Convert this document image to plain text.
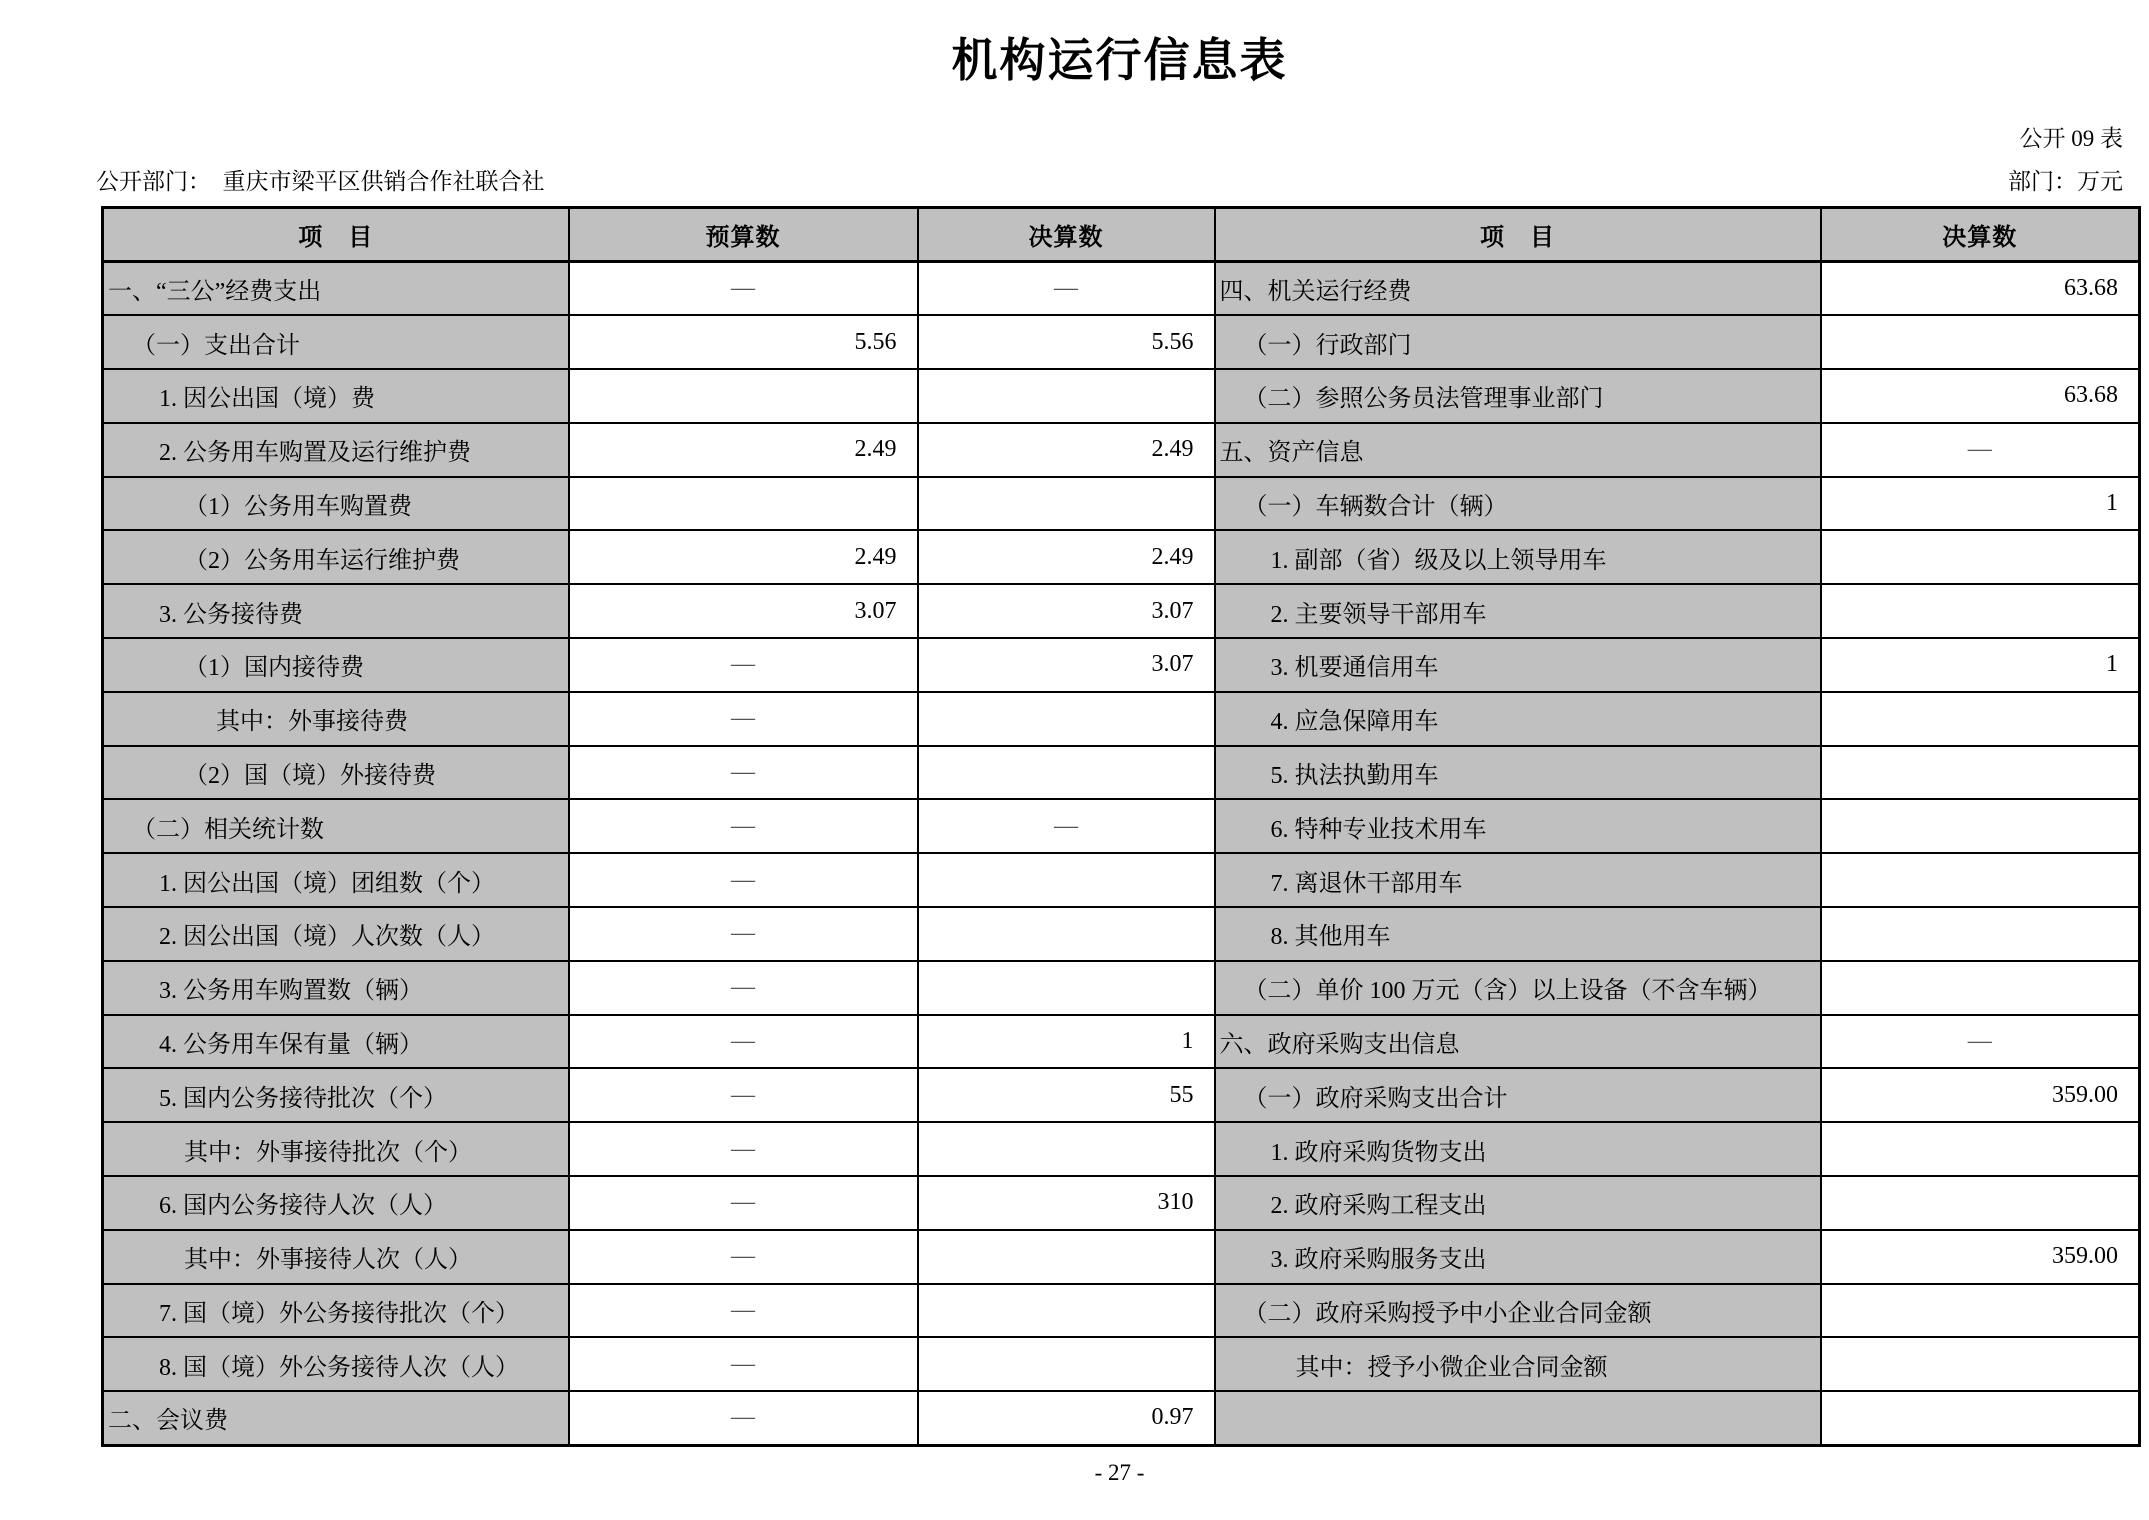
机构运行信息表
公开 09 表
公开部门：　重庆市梁平区供销合作社联合社	部门：万元
项　目	预算数	决算数	项　目	决算数
一、“三公”经费支出	—	—	四、机关运行经费	63.68
（一）支出合计	5.56	5.56	（一）行政部门	
1. 因公出国（境）费			（二）参照公务员法管理事业部门	63.68
2. 公务用车购置及运行维护费	2.49	2.49	五、资产信息	—
（1）公务用车购置费			（一）车辆数合计（辆）	1
（2）公务用车运行维护费	2.49	2.49	1. 副部（省）级及以上领导用车	
3. 公务接待费	3.07	3.07	2. 主要领导干部用车	
（1）国内接待费	—	3.07	3. 机要通信用车	1
其中：外事接待费	—		4. 应急保障用车	
（2）国（境）外接待费	—		5. 执法执勤用车	
（二）相关统计数	—	—	6. 特种专业技术用车	
1. 因公出国（境）团组数（个）	—		7. 离退休干部用车	
2. 因公出国（境）人次数（人）	—		8. 其他用车	
3. 公务用车购置数（辆）	—		（二）单价 100 万元（含）以上设备（不含车辆）	
4. 公务用车保有量（辆）	—	1	六、政府采购支出信息	—
5. 国内公务接待批次（个）	—	55	（一）政府采购支出合计	359.00
其中：外事接待批次（个）	—		1. 政府采购货物支出	
6. 国内公务接待人次（人）	—	310	2. 政府采购工程支出	
其中：外事接待人次（人）	—		3. 政府采购服务支出	359.00
7. 国（境）外公务接待批次（个）	—		（二）政府采购授予中小企业合同金额	
8. 国（境）外公务接待人次（人）	—		其中：授予小微企业合同金额	
二、会议费	—	0.97		
- 27 -
